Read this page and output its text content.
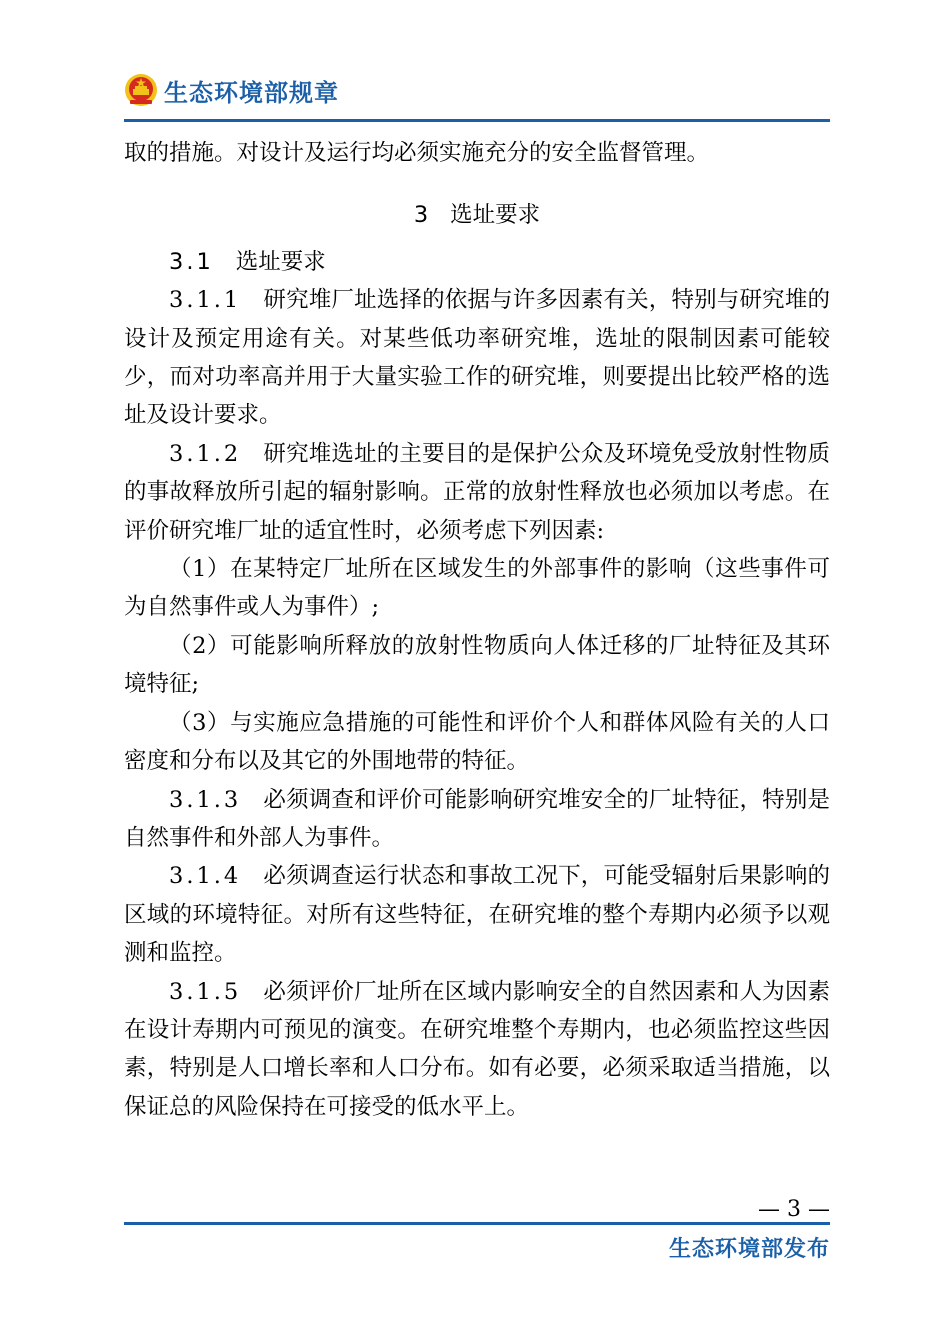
生态环境部规章

取的措施。对设计及运行均必须实施充分的安全监督管理。

3 选址要求

3.1 选址要求

3.1.1 研究堆厂址选择的依据与许多因素有关，特别与研究堆的设计及预定用途有关。对某些低功率研究堆，选址的限制因素可能较少，而对功率高并用于大量实验工作的研究堆，则要提出比较严格的选址及设计要求。

3.1.2 研究堆选址的主要目的是保护公众及环境免受放射性物质的事故释放所引起的辐射影响。正常的放射性释放也必须加以考虑。在评价研究堆厂址的适宜性时，必须考虑下列因素:

（1）在某特定厂址所在区域发生的外部事件的影响（这些事件可为自然事件或人为事件）;

（2）可能影响所释放的放射性物质向人体迁移的厂址特征及其环境特征;

（3）与实施应急措施的可能性和评价个人和群体风险有关的人口密度和分布以及其它的外围地带的特征。

3.1.3 必须调查和评价可能影响研究堆安全的厂址特征，特别是自然事件和外部人为事件。

3.1.4 必须调查运行状态和事故工况下，可能受辐射后果影响的区域的环境特征。对所有这些特征，在研究堆的整个寿期内必须予以观测和监控。

3.1.5 必须评价厂址所在区域内影响安全的自然因素和人为因素在设计寿期内可预见的演变。在研究堆整个寿期内，也必须监控这些因素，特别是人口增长率和人口分布。如有必要，必须采取适当措施，以保证总的风险保持在可接受的低水平上。

— 3 —
生态环境部发布
